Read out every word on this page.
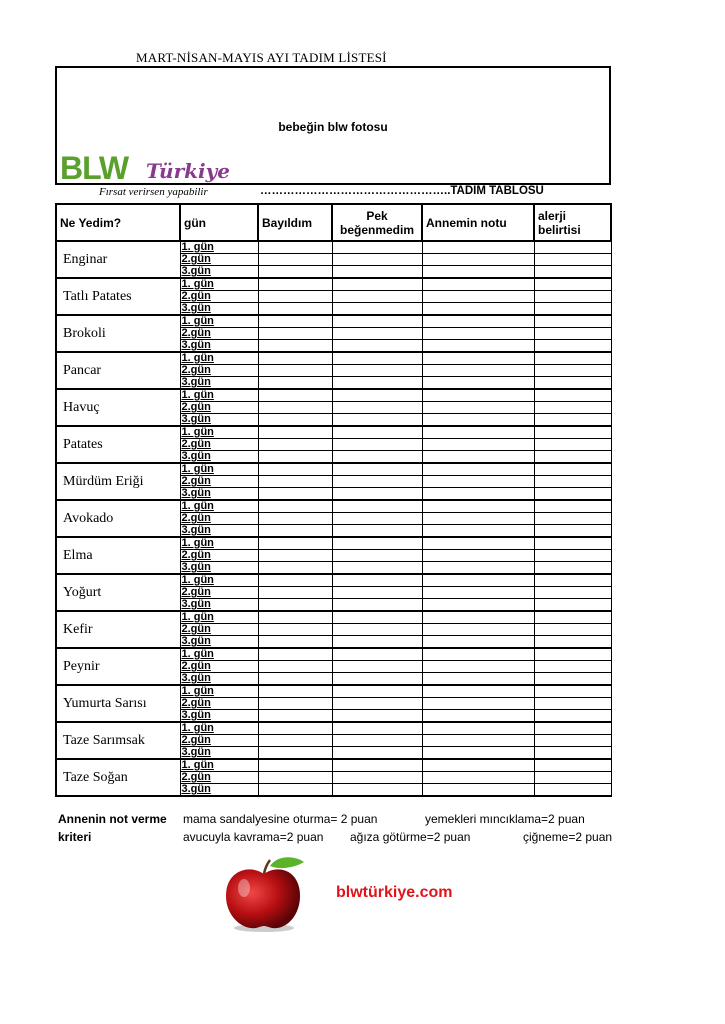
MART-NİSAN-MAYIS AYI TADIM LİSTESİ
bebeğin blw fotosu
BLW Türkiye
Fırsat verirsen yapabilir	…………………………………………..TADIM TABLOSU
Ne Yedim?	gün	Bayıldım	Pek beğenmedim	Annemin notu	alerji belirtisi
Enginar	1. gün				
	2.gün				
	3.gün				
Tatlı Patates	1. gün				
	2.gün				
	3.gün				
Brokoli	1. gün				
	2.gün				
	3.gün				
Pancar	1. gün				
	2.gün				
	3.gün				
Havuç	1. gün				
	2.gün				
	3.gün				
Patates	1. gün				
	2.gün				
	3.gün				
Mürdüm Eriği	1. gün				
	2.gün				
	3.gün				
Avokado	1. gün				
	2.gün				
	3.gün				
Elma	1. gün				
	2.gün				
	3.gün				
Yoğurt	1. gün				
	2.gün				
	3.gün				
Kefir	1. gün				
	2.gün				
	3.gün				
Peynir	1. gün				
	2.gün				
	3.gün				
Yumurta Sarısı	1. gün				
	2.gün				
	3.gün				
Taze Sarımsak	1. gün				
	2.gün				
	3.gün				
Taze Soğan	1. gün				
	2.gün				
	3.gün				
Annenin not verme
kriteri
mama sandalyesine oturma= 2 puan	yemekleri mıncıklama=2 puan
avucuyla kavrama=2 puan ağıza götürme=2 puan	çiğneme=2 puan
blwtürkiye.com
